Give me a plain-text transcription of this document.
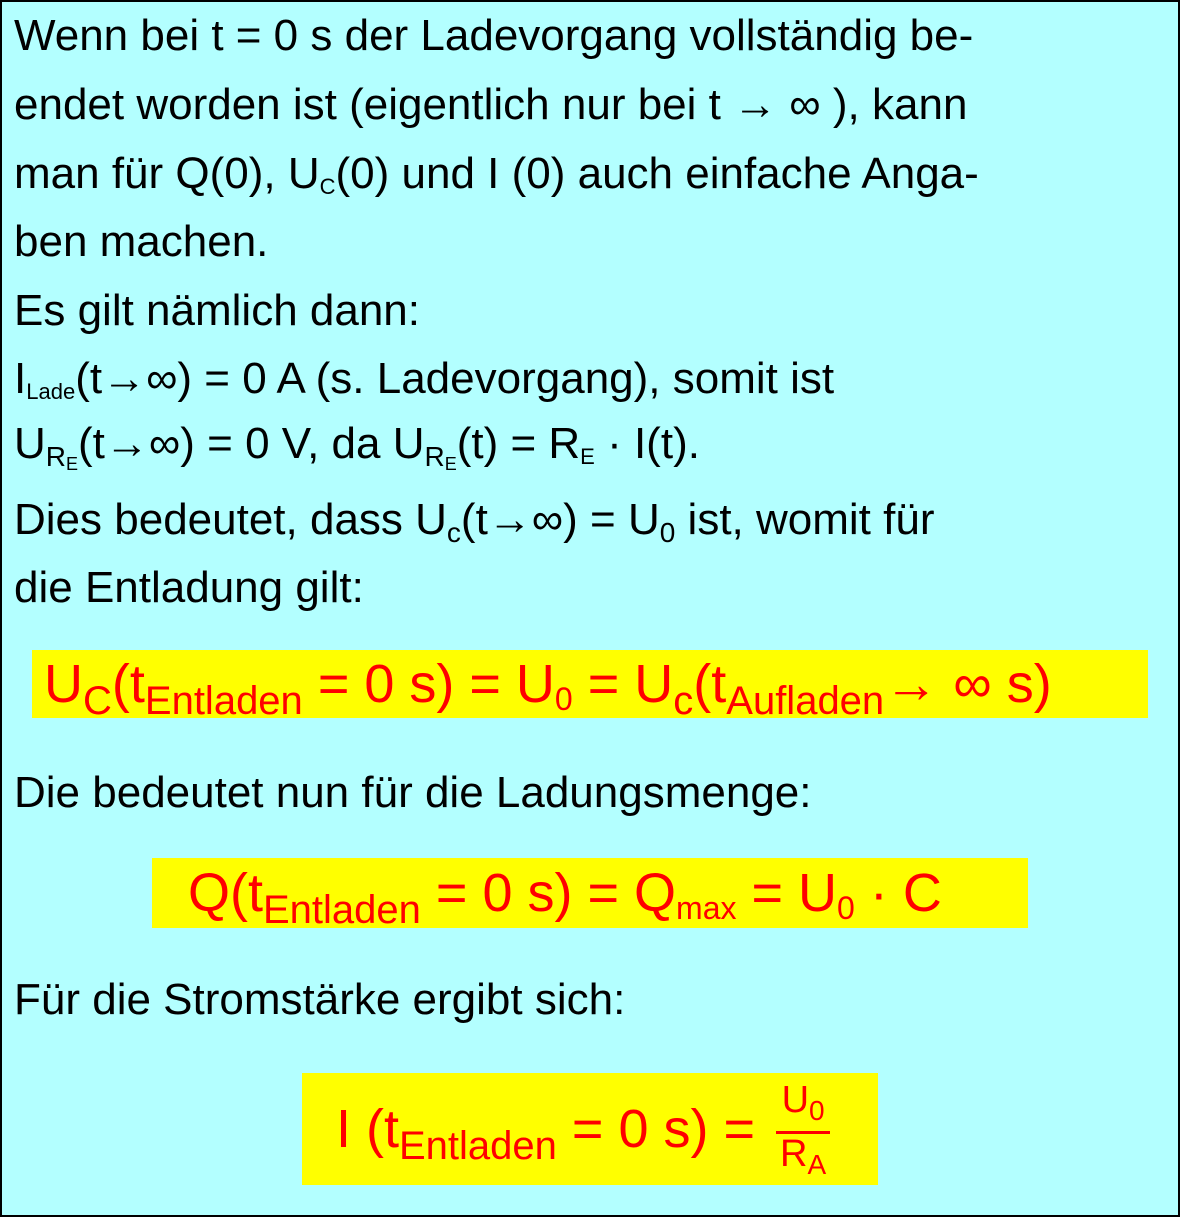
Wenn bei t = 0 s der Ladevorgang vollständig be-
endet worden ist (eigentlich nur bei t → ∞ ), kann
man für Q(0), UC(0) und I (0) auch einfache Anga-
ben machen.
Es gilt nämlich dann:
ILade(t→∞) = 0 A (s. Ladevorgang), somit ist
$U_{RE}(t\to\infty) = 0$ V, da $U_{RE}(t)$ = RE · I(t).
Dies bedeutet, dass $U_c(t\to\infty) = U_0$ ist, womit für
die Entladung gilt:
$U_C(t_{Entladen} = 0$ $s) = U0 = U_c(t_{Aufladen}\to$ ∞ s)
Die bedeutet nun für die Ladungsmenge:
$Q(t_{Entladen} = 0$ s) = Qmax = U0 · C
Für die Stromstärke ergibt sich:
I ($t_{Entladen} = 0$ $s) = \frac{U_0}{R_A}$
